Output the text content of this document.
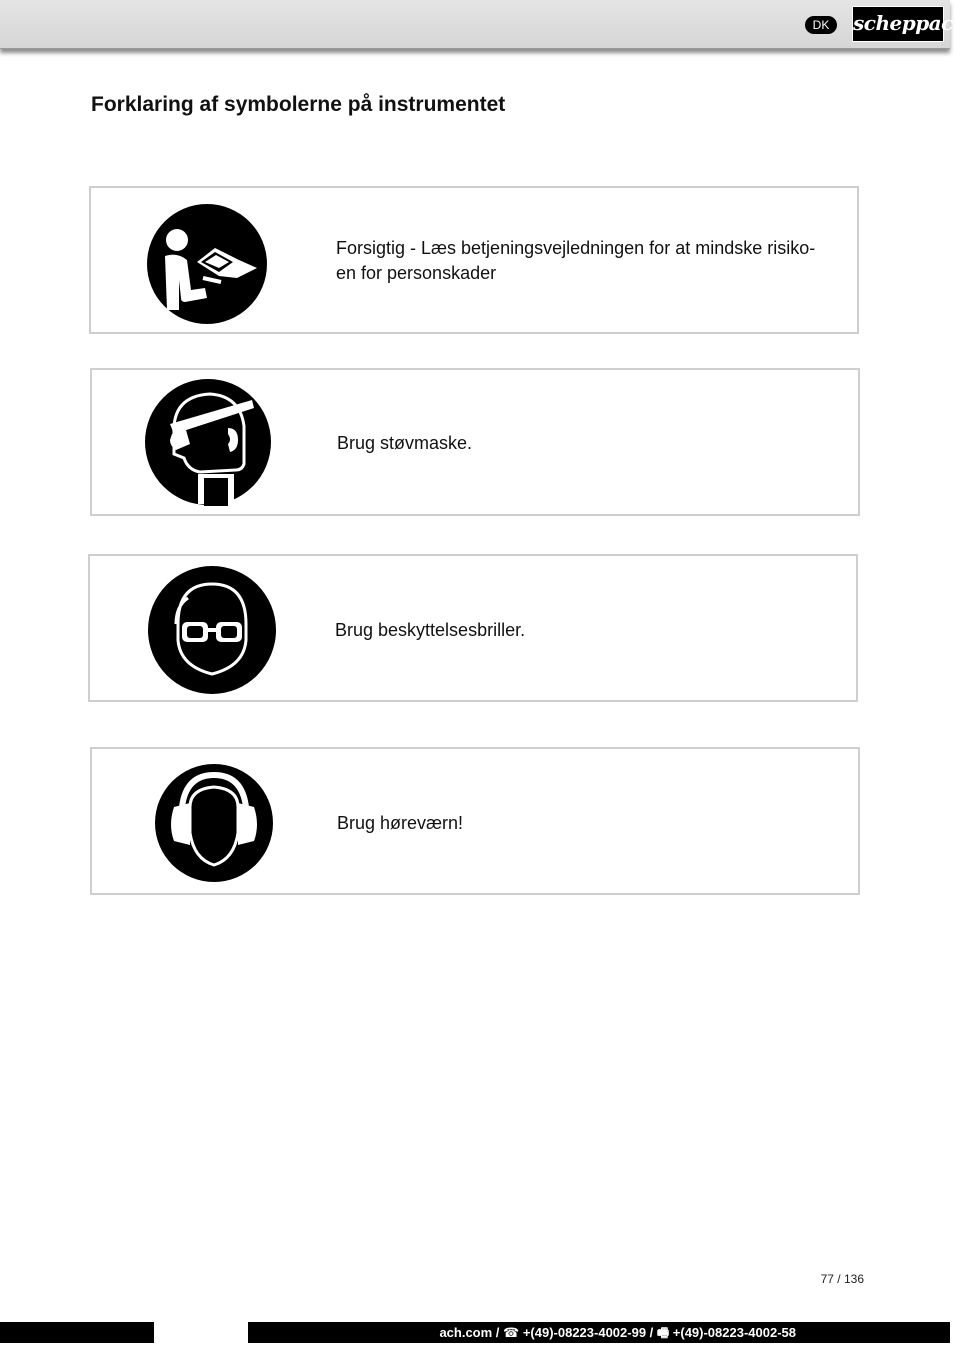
DK	scheppach
Forklaring af symbolerne på instrumentet
Forsigtig - Læs betjeningsvejledningen for at mindske risiko-
en for personskader
Brug støvmaske.
Brug beskyttelsesbriller.
Brug høreværn!
77 / 136
ach.com / ☎ +(49)-08223-4002-99 / 🖷 +(49)-08223-4002-58
